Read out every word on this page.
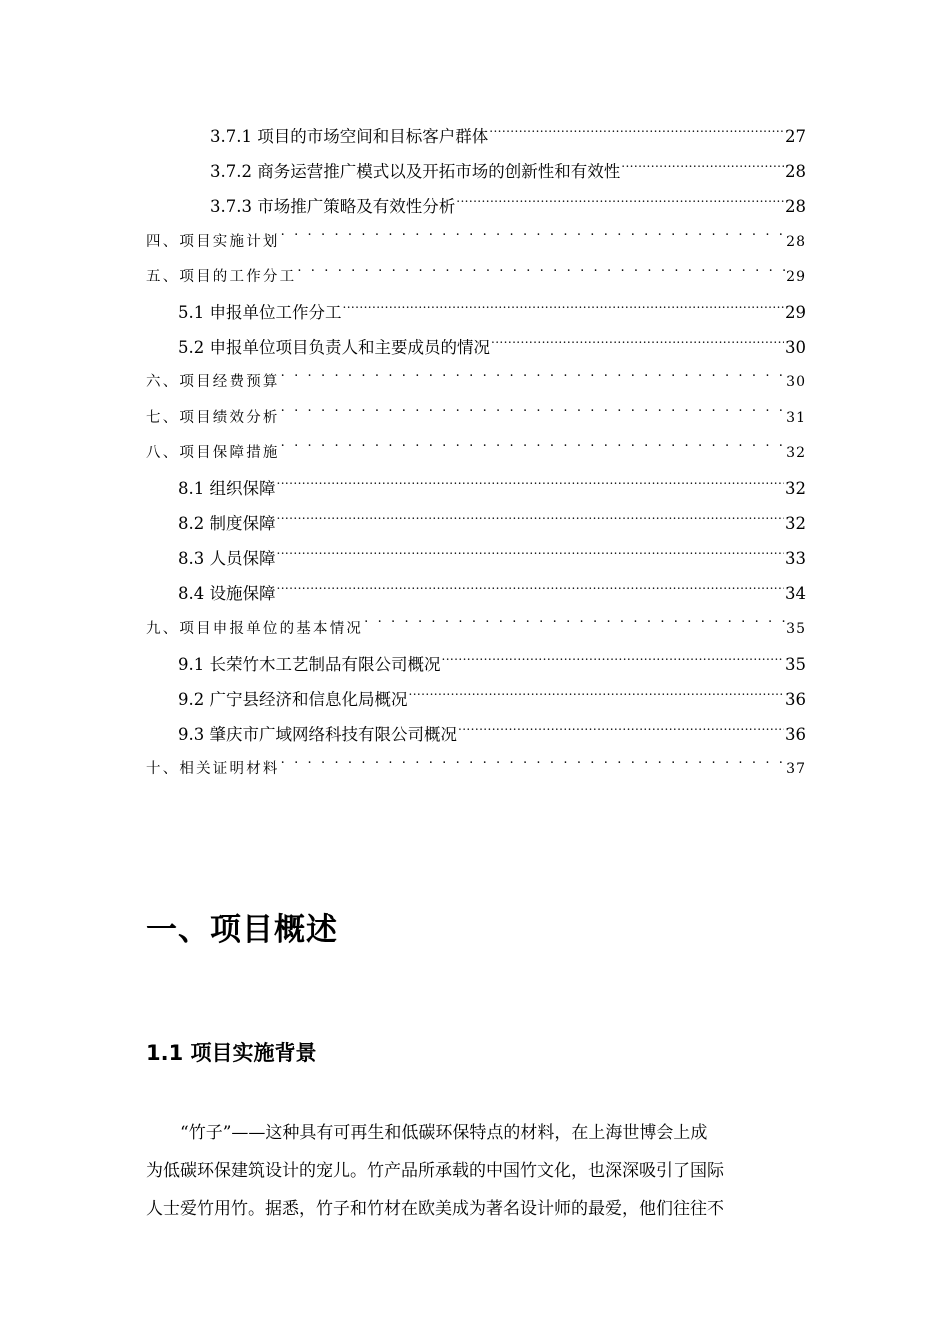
3.7.1 项目的市场空间和目标客户群体 .....	27
3.7.2 商务运营推广模式以及开拓市场的创新性和有效性 .....	28
3.7.3 市场推广策略及有效性分析 .....	28
四、项目实施计划 . . .	28
五、项目的工作分工 . . .	29
5.1 申报单位工作分工 .....	29
5.2 申报单位项目负责人和主要成员的情况 .....	30
六、项目经费预算 . . .	30
七、项目绩效分析 . . .	31
八、项目保障措施 . . .	32
8.1 组织保障 .....	32
8.2 制度保障 .....	32
8.3 人员保障 .....	33
8.4 设施保障 .....	34
九、项目申报单位的基本情况 . . .	35
9.1 长荣竹木工艺制品有限公司概况 .....	35
9.2 广宁县经济和信息化局概况 .....	36
9.3 肇庆市广域网络科技有限公司概况 .....	36
十、相关证明材料 . . .	37
一、项目概述
1.1 项目实施背景

“竹子”——这种具有可再生和低碳环保特点的材料，在上海世博会上成
为低碳环保建筑设计的宠儿。竹产品所承载的中国竹文化，也深深吸引了国际
人士爱竹用竹。据悉，竹子和竹材在欧美成为著名设计师的最爱，他们往往不
